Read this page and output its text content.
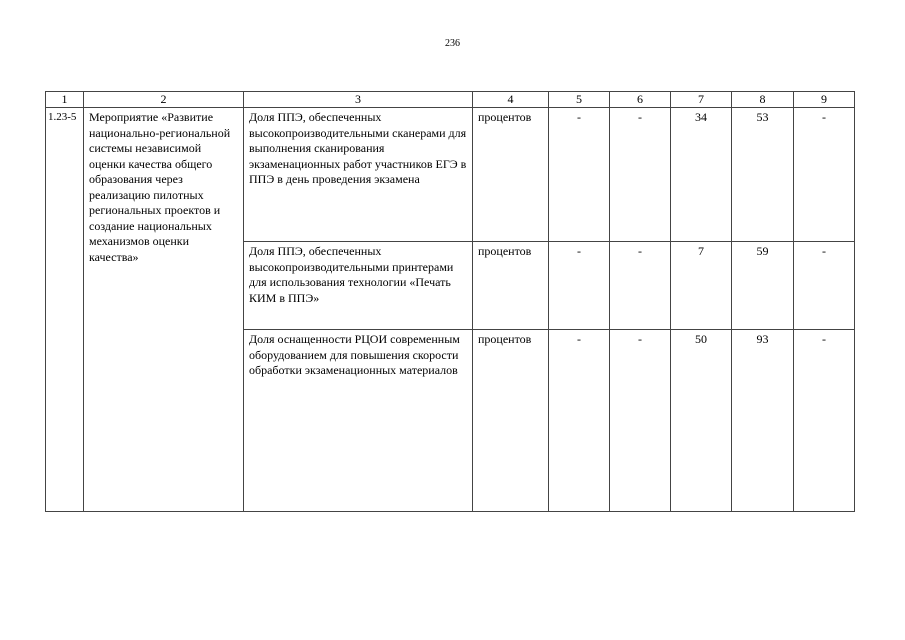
236
1	2	3	4	5	6	7	8	9
1.23-5	Мероприятие «Развитие национально-региональной системы независимой оценки качества общего образования через реализацию пилотных региональных проектов и создание национальных механизмов оценки качества»	Доля ППЭ, обеспеченных высокопроизводительными сканерами для выполнения сканирования экзаменационных работ участников ЕГЭ в ППЭ в день проведения экзамена	процентов	-	-	34	53	-
		Доля ППЭ, обеспеченных высокопроизводительными принтерами для использования технологии «Печать КИМ в ППЭ»	процентов	-	-	7	59	-
		Доля оснащенности РЦОИ современным оборудованием для повышения скорости обработки экзаменационных материалов	процентов	-	-	50	93	-
